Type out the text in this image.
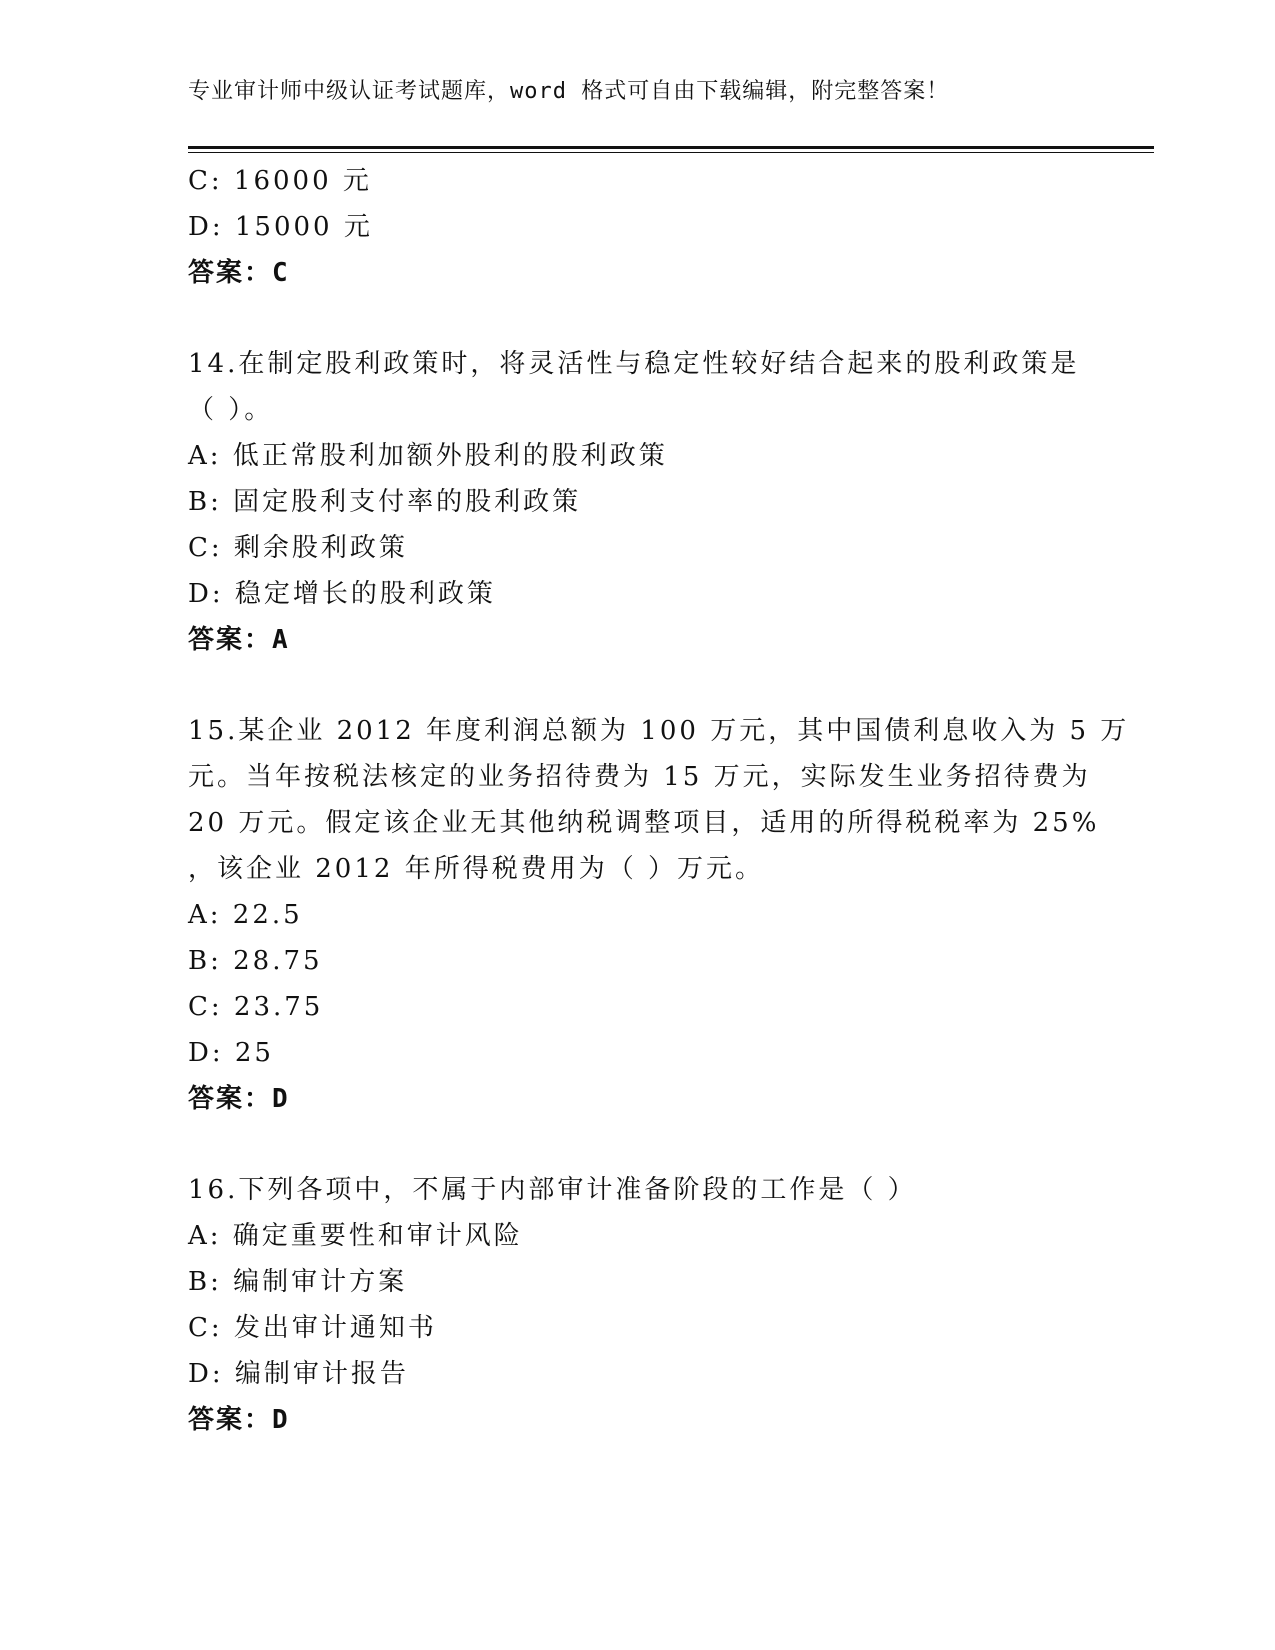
专业审计师中级认证考试题库，word 格式可自由下载编辑，附完整答案！
C: 16000 元
D: 15000 元
答案：C
14.在制定股利政策时，将灵活性与稳定性较好结合起来的股利政策是
（ ）。
A: 低正常股利加额外股利的股利政策
B: 固定股利支付率的股利政策
C: 剩余股利政策
D: 稳定增长的股利政策
答案：A
15.某企业 2012 年度利润总额为 100 万元，其中国债利息收入为 5 万
元。当年按税法核定的业务招待费为 15 万元，实际发生业务招待费为
20 万元。假定该企业无其他纳税调整项目，适用的所得税税率为 25%
，该企业 2012 年所得税费用为（ ）万元。
A: 22.5
B: 28.75
C: 23.75
D: 25
答案：D
16.下列各项中，不属于内部审计准备阶段的工作是（ ）
A: 确定重要性和审计风险
B: 编制审计方案
C: 发出审计通知书
D: 编制审计报告
答案：D
